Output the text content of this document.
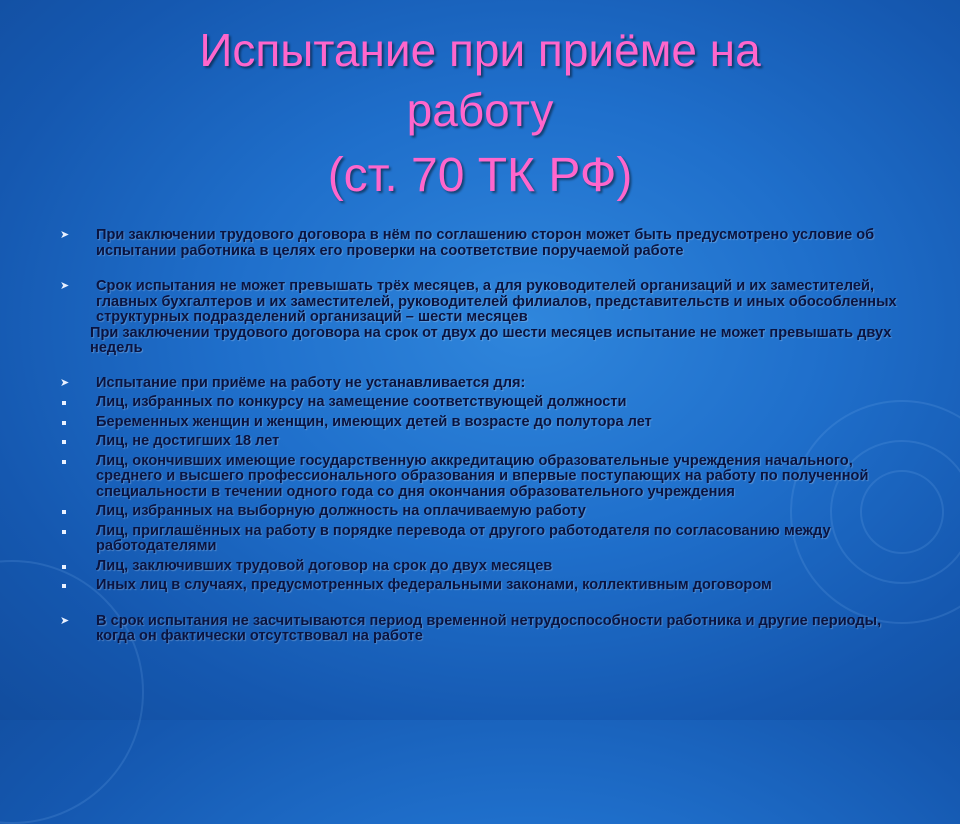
Испытание при приёме на
работу
(ст. 70 ТК РФ)
➤	При заключении трудового договора в нём по соглашению сторон может быть предусмотрено условие об испытании работника в целях его проверки на соответствие поручаемой работе
➤	Срок испытания не может превышать трёх месяцев, а для руководителей организаций и их заместителей, главных бухгалтеров и их заместителей, руководителей филиалов, представительств и иных обособленных структурных подразделений организаций – шести месяцев
При заключении трудового договора на срок от двух до шести месяцев испытание не может превышать двух недель
➤	Испытание при приёме на работу не устанавливается для:
Лиц, избранных по конкурсу на замещение соответствующей должности
Беременных женщин и женщин, имеющих детей в возрасте до полутора лет
Лиц, не достигших 18 лет
Лиц, окончивших имеющие государственную аккредитацию образовательные учреждения начального, среднего и высшего профессионального образования и впервые поступающих на работу по полученной специальности в течении одного года со дня окончания образовательного учреждения
Лиц, избранных на выборную должность на оплачиваемую работу
Лиц, приглашённых на работу в порядке перевода от другого работодателя по согласованию между работодателями
Лиц, заключивших трудовой договор на срок до двух месяцев
Иных лиц в случаях, предусмотренных федеральными законами, коллективным договором
➤	В срок испытания не засчитываются период временной нетрудоспособности работника и другие периоды, когда он фактически отсутствовал на работе
